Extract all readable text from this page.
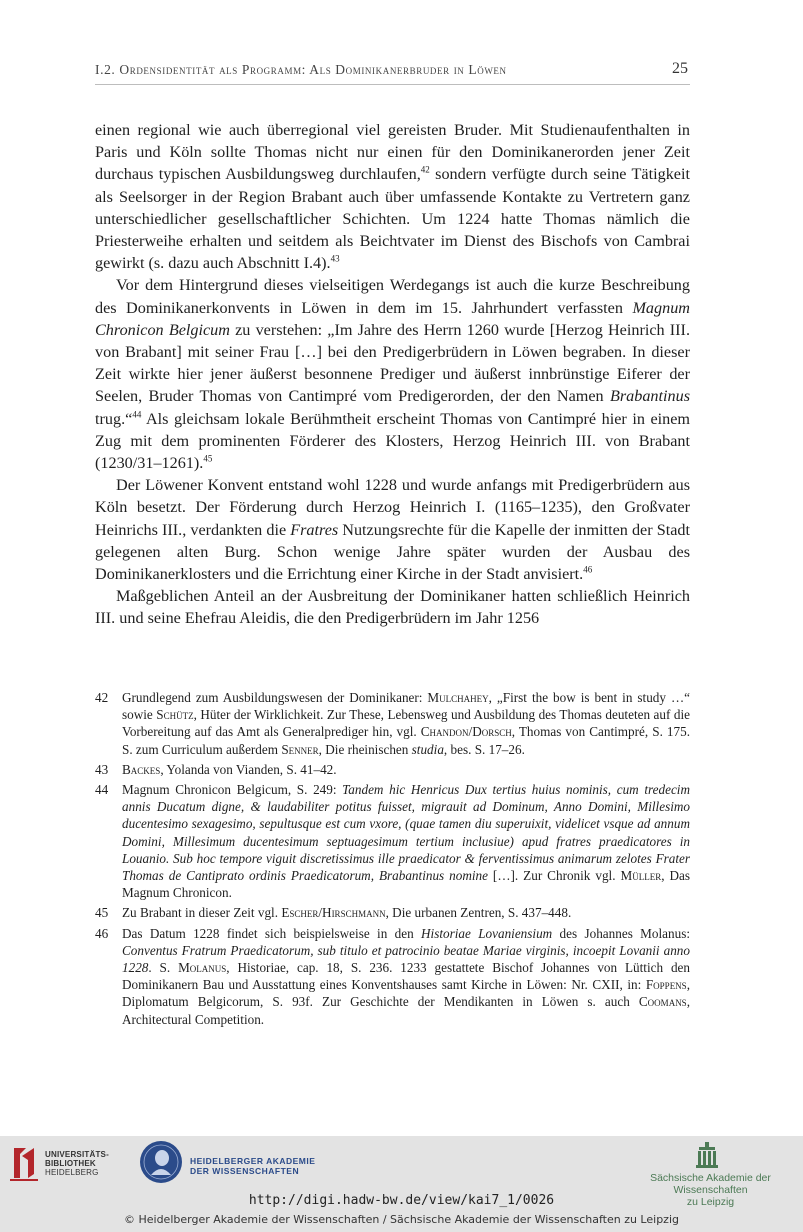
I.2. Ordensidentität als Programm: Als Dominikanerbruder in Löwen	25

einen regional wie auch überregional viel gereisten Bruder. Mit Studienaufenthalten in Paris und Köln sollte Thomas nicht nur einen für den Dominikanerorden jener Zeit durchaus typischen Ausbildungsweg durchlaufen,$^{42}$ sondern verfügte durch seine Tätigkeit als Seelsorger in der Region Brabant auch über umfassende Kontakte zu Vertretern ganz unterschiedlicher gesellschaftlicher Schichten. Um 1224 hatte Thomas nämlich die Priesterweihe erhalten und seitdem als Beichtvater im Dienst des Bischofs von Cambrai gewirkt (s. dazu auch Abschnitt I.4).$^{43}$

Vor dem Hintergrund dieses vielseitigen Werdegangs ist auch die kurze Beschreibung des Dominikanerkonvents in Löwen in dem im 15. Jahrhundert verfassten Magnum Chronicon Belgicum zu verstehen: „Im Jahre des Herrn 1260 wurde [Herzog Heinrich III. von Brabant] mit seiner Frau […] bei den Predigerbrüdern in Löwen begraben. In dieser Zeit wirkte hier jener äußerst besonnene Prediger und äußerst innbrünstige Eiferer der Seelen, Bruder Thomas von Cantimpré vom Predigerorden, der den Namen Brabantinus trug.“$^{44}$ Als gleichsam lokale Berühmtheit erscheint Thomas von Cantimpré hier in einem Zug mit dem prominenten Förderer des Klosters, Herzog Heinrich III. von Brabant (1230/31–1261).$^{45}$

Der Löwener Konvent entstand wohl 1228 und wurde anfangs mit Predigerbrüdern aus Köln besetzt. Der Förderung durch Herzog Heinrich I. (1165–1235), den Großvater Heinrichs III., verdankten die Fratres Nutzungsrechte für die Kapelle der inmitten der Stadt gelegenen alten Burg. Schon wenige Jahre später wurden der Ausbau des Dominikanerklosters und die Errichtung einer Kirche in der Stadt anvisiert.$^{46}$

Maßgeblichen Anteil an der Ausbreitung der Dominikaner hatten schließlich Heinrich III. und seine Ehefrau Aleidis, die den Predigerbrüdern im Jahr 1256

42 Grundlegend zum Ausbildungswesen der Dominikaner: Mulchahey, „First the bow is bent in study …“ sowie Schütz, Hüter der Wirklichkeit. Zur These, Lebensweg und Ausbildung des Thomas deuteten auf die Vorbereitung auf das Amt als Generalprediger hin, vgl. Chandon/Dorsch, Thomas von Cantimpré, S. 175. S. zum Curriculum außerdem Senner, Die rheinischen studia, bes. S. 17–26.
43 Backes, Yolanda von Vianden, S. 41–42.
44 Magnum Chronicon Belgicum, S. 249: Tandem hic Henricus Dux tertius huius nominis, cum tredecim annis Ducatum digne, & laudabiliter potitus fuisset, migrauit ad Dominum, Anno Domini, Millesimo ducentesimo sexagesimo, sepultusque est cum vxore, (quae tamen diu superuixit, videlicet vsque ad annum Domini, Millesimum ducentesimum septuagesimum tertium inclusiue) apud fratres praedicatores in Louanio. Sub hoc tempore viguit discretissimus ille praedicator & ferventissimus animarum zelotes Frater Thomas de Cantiprato ordinis Praedicatorum, Brabantinus nomine […]. Zur Chronik vgl. Müller, Das Magnum Chronicon.
45 Zu Brabant in dieser Zeit vgl. Escher/Hirschmann, Die urbanen Zentren, S. 437–448.
46 Das Datum 1228 findet sich beispielsweise in den Historiae Lovaniensium des Johannes Molanus: Conventus Fratrum Praedicatorum, sub titulo et patrocinio beatae Mariae virginis, incoepit Lovanii anno 1228. S. Molanus, Historiae, cap. 18, S. 236. 1233 gestattete Bischof Johannes von Lüttich den Dominikanern Bau und Ausstattung eines Konventshauses samt Kirche in Löwen: Nr. CXII, in: Foppens, Diplomatum Belgicorum, S. 93f. Zur Geschichte der Mendikanten in Löwen s. auch Coomans, Architectural Competition.
UNIVERSITÄTS-
BIBLIOTHEK
HEIDELBERG
HEIDELBERGER AKADEMIE
DER WISSENSCHAFTEN
Sächsische Akademie der Wissenschaften
zu Leipzig
http://digi.hadw-bw.de/view/kai7_1/0026
© Heidelberger Akademie der Wissenschaften / Sächsische Akademie der Wissenschaften zu Leipzig
